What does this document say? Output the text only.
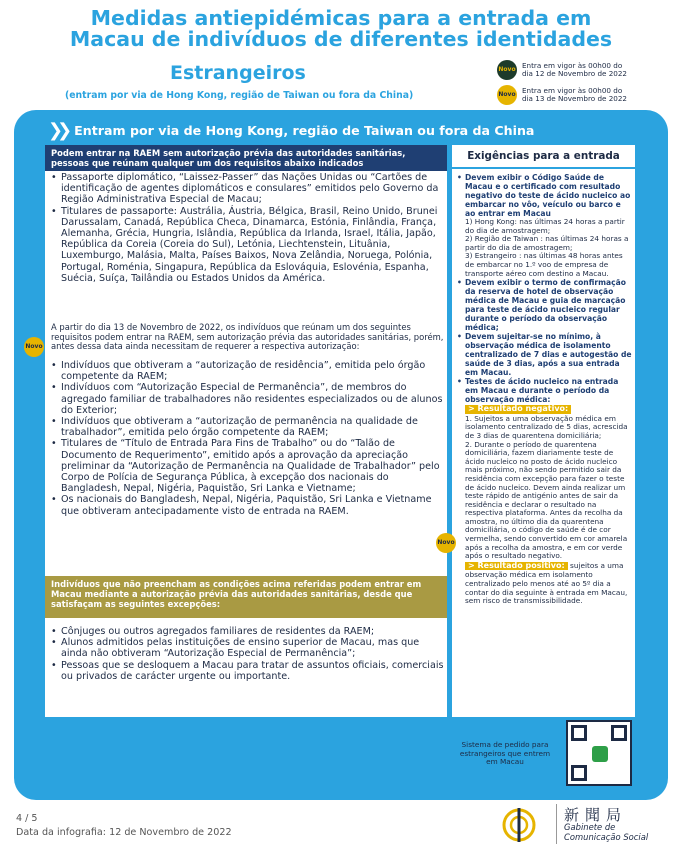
Medidas antiepidémicas para a entrada em
Macau de indivíduos de diferentes identidades
Estrangeiros
(entram por via de Hong Kong, região de Taiwan ou fora da China)
Novo Entra em vigor às 00h00 do
dia 12 de Novembro de 2022
Novo Entra em vigor às 00h00 do
dia 13 de Novembro de 2022
❯❯ Entram por via de Hong Kong, região de Taiwan ou fora da China
Podem entrar na RAEM sem autorização prévia das autoridades sanitárias, pessoas que reúnam qualquer um dos requisitos abaixo indicados
Exigências para a entrada
• Passaporte diplomático, “Laissez-Passer” das Nações Unidas ou “Cartões de identificação de agentes diplomáticos e consulares” emitidos pelo Governo da Região Administrativa Especial de Macau;
• Titulares de passaporte: Austrália, Áustria, Bélgica, Brasil, Reino Unido, Brunei Darussalam, Canadá, República Checa, Dinamarca, Estónia, Finlândia, França, Alemanha, Grécia, Hungria, Islândia, República da Irlanda, Israel, Itália, Japão, República da Coreia (Coreia do Sul), Letónia, Liechtenstein, Lituânia, Luxemburgo, Malásia, Malta, Países Baixos, Nova Zelândia, Noruega, Polónia, Portugal, Roménia, Singapura, República da Eslováquia, Eslovénia, Espanha, Suécia, Suíça, Tailândia ou Estados Unidos da América.
A partir do dia 13 de Novembro de 2022, os indivíduos que reúnam um dos seguintes requisitos podem entrar na RAEM, sem autorização prévia das autoridades sanitárias, porém, antes dessa data ainda necessitam de requerer a respectiva autorização:
Novo
• Indivíduos que obtiveram a “autorização de residência”, emitida pelo órgão competente da RAEM;
• Indivíduos com “Autorização Especial de Permanência”, de membros do agregado familiar de trabalhadores não residentes especializados ou de alunos do Exterior;
• Indivíduos que obtiveram a “autorização de permanência na qualidade de trabalhador”, emitida pelo órgão competente da RAEM;
• Titulares de “Título de Entrada Para Fins de Trabalho” ou do “Talão de Documento de Requerimento”, emitido após a aprovação da apreciação preliminar da “Autorização de Permanência na Qualidade de Trabalhador” pelo Corpo de Polícia de Segurança Pública, à excepção dos nacionais do Bangladesh, Nepal, Nigéria, Paquistão, Sri Lanka e Vietname;
• Os nacionais do Bangladesh, Nepal, Nigéria, Paquistão, Sri Lanka e Vietname que obtiveram antecipadamente visto de entrada na RAEM.
Indivíduos que não preencham as condições acima referidas podem entrar em Macau mediante a autorização prévia das autoridades sanitárias, desde que satisfaçam as seguintes excepções:
• Cônjuges ou outros agregados familiares de residentes da RAEM;
• Alunos admitidos pelas instituições de ensino superior de Macau, mas que ainda não obtiveram “Autorização Especial de Permanência”;
• Pessoas que se desloquem a Macau para tratar de assuntos oficiais, comerciais ou privados de carácter urgente ou importante.
• Devem exibir o Código Saúde de Macau e o certificado com resultado negativo do teste de ácido nucleico ao embarcar no vôo, veículo ou barco e ao entrar em Macau
1) Hong Kong: nas últimas 24 horas a partir do dia de amostragem;
2) Região de Taiwan : nas últimas 24 horas a partir do dia de amostragem;
3) Estrangeiro : nas últimas 48 horas antes de embarcar no 1.º voo de empresa de transporte aéreo com destino a Macau.
• Devem exibir o termo de confirmação da reserva de hotel de observação médica de Macau e guia de marcação para teste de ácido nucleico regular durante o período da observação médica;
• Devem sujeitar-se no mínimo, à observação médica de isolamento centralizado de 7 dias e autogestão de saúde de 3 dias, após a sua entrada em Macau.
• Testes de ácido nucleico na entrada em Macau e durante o período da observação médica:
> Resultado negativo:
1. Sujeitos a uma observação médica em isolamento centralizado de 5 dias, acrescida de 3 dias de quarentena domiciliária;
2. Durante o período de quarentena domiciliária, fazem diariamente teste de ácido nucleico no posto de ácido nucleico mais próximo, não sendo permitido sair da residência com excepção para fazer o teste de ácido nucleico. Devem ainda realizar um teste rápido de antigénio antes de sair da residência e declarar o resultado na respectiva plataforma. Antes da recolha da amostra, no último dia da quarentena domiciliária, o código de saúde é de cor vermelha, sendo convertido em cor amarela após a recolha da amostra, e em cor verde após o resultado negativo.
> Resultado positivo: sujeitos a uma observação médica em isolamento centralizado pelo menos até ao 5º dia a contar do dia seguinte à entrada em Macau, sem risco de transmissibilidade.
Novo
Sistema de pedido para estrangeiros que entrem em Macau
4 / 5
Data da infografia: 12 de Novembro de 2022
新聞局
Gabinete de
Comunicação Social
